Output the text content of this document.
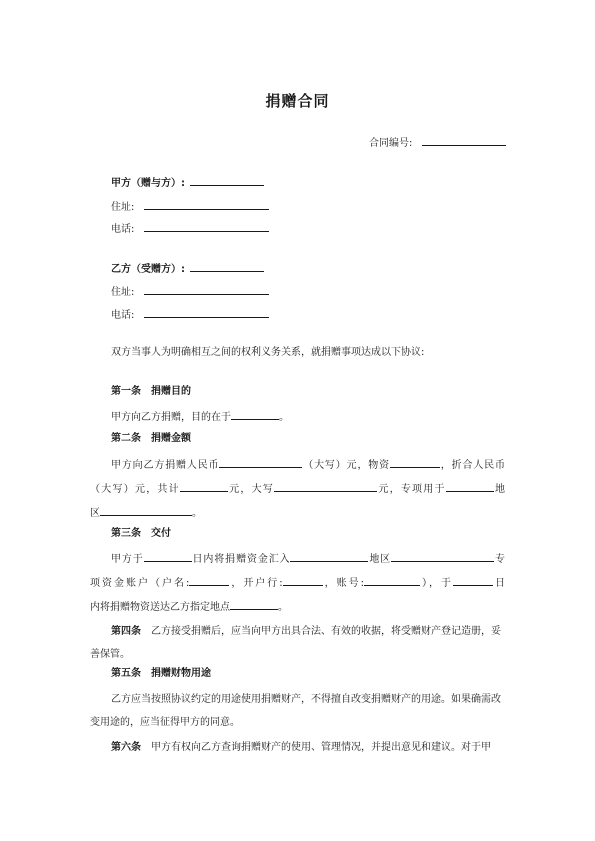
捐赠合同
合同编号:
甲方（赠与方）:
住址:
电话:
乙方（受赠方）:
住址:
电话:
双方当事人为明确相互之间的权利义务关系，就捐赠事项达成以下协议:
第一条　捐赠目的
甲方向乙方捐赠，目的在于	。
第二条　捐赠金额
甲方向乙方捐赠人民币	（大写）元，物资	，折合人民币
（大写）元，共计	元，大写	元，专项用于	地
区	。
第三条　交付
甲方于	日内将捐赠资金汇入	地区	专
项资金账户（户名:	，开户行:	，账号:	），于	日
内将捐赠物资送达乙方指定地点	。
第四条　 乙方接受捐赠后，应当向甲方出具合法、有效的收据，将受赠财产登记造册，妥善保管。
第五条　捐赠财物用途
乙方应当按照协议约定的用途使用捐赠财产，不得擅自改变捐赠财产的用途。如果确需改变用途的，应当征得甲方的同意。
第六条　 甲方有权向乙方查询捐赠财产的使用、管理情况，并提出意见和建议。对于甲
